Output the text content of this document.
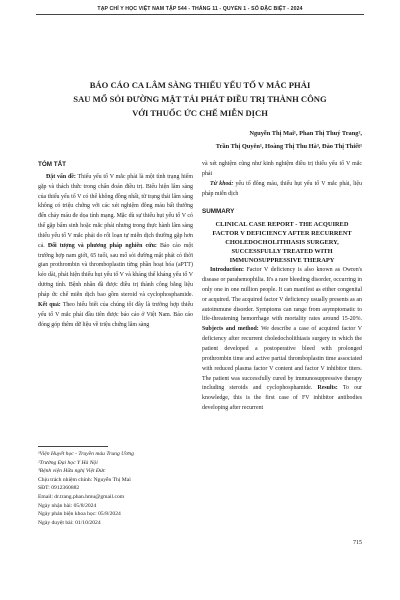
TẠP CHÍ Y HỌC VIỆT NAM TẬP 544 - THÁNG 11 - QUYỂN 1 - SỐ ĐẶC BIỆT - 2024
BÁO CÁO CA LÂM SÀNG THIẾU YẾU TỐ V MẮC PHẢI
SAU MỔ SỎI ĐƯỜNG MẬT TÁI PHÁT ĐIỀU TRỊ THÀNH CÔNG
VỚI THUỐC ỨC CHẾ MIỄN DỊCH
Nguyễn Thị Mai¹, Phan Thị Thuý Trang²,
Trần Thị Quyên¹, Hoàng Thị Thu Hà³, Đào Thị Thiết¹

TÓM TẮT

Đặt vấn đề: Thiếu yếu tố V mắc phải là một tình trạng hiếm gặp và thách thức trong chẩn đoán điều trị. Biểu hiện lâm sàng của thiếu yếu tố V có thể không đồng nhất, từ trạng thái lâm sàng không có triệu chứng với các xét nghiệm đông máu bất thường đến chảy máu đe dọa tính mạng. Mặc dù sự thiếu hụt yếu tố V có thể gặp bẩm sinh hoặc mắc phải nhưng trong thực hành lâm sàng thiếu yếu tố V mắc phải do rối loạn tự miễn dịch thường gặp hơn cả. Đối tượng và phương pháp nghiên cứu: Báo cáo một trường hợp nam giới, 65 tuổi, sau mổ sỏi đường mật phát có thời gian prothrombin và thromboplastin từng phần hoạt hóa (aPTT) kéo dài, phát hiện thiếu hụt yếu tố V và kháng thể kháng yếu tố V dương tính. Bệnh nhân đã được điều trị thành công bằng liệu pháp ức chế miễn dịch bao gồm steroid và cyclophosphamide. Kết quả: Theo hiểu biết của chúng tôi đây là trường hợp thiếu yếu tố V mắc phải đầu tiên được báo cáo ở Việt Nam. Báo cáo đóng góp thêm dữ liệu về triệu chứng lâm sàng

¹Viện Huyết học - Truyền máu Trung Ương
²Trường Đại học Y Hà Nội
³Bệnh viện Hữu nghị Việt Đức
Chịu trách nhiệm chính: Nguyễn Thị Mai
SĐT: 0912360882
Email: dr.trang.phan.hmu@gmail.com
Ngày nhận bài: 05/8/2024
Ngày phản biện khoa học: 05/8/2024
Ngày duyệt bài: 01/10/2024

và xét nghiệm cũng như kinh nghiệm điều trị thiếu yếu tố V mắc phải

Từ khoá: yếu tố đông máu, thiếu hụt yếu tố V mắc phải, liệu pháp miễn dịch

SUMMARY

CLINICAL CASE REPORT - THE ACQUIRED FACTOR V DEFICIENCY AFTER RECURRENT CHOLEDOCHOLITHIASIS SURGERY, SUCCESSFULLY TREATED WITH IMMUNOSUPPRESSIVE THERAPY

Introduction: Factor V deficiency is also known as Owren's disease or parahemophilia. It's a rare bleeding disorder, occurring in only one in one million people. It can manifest as either congenital or acquired. The acquired factor V deficiency usually presents as an autoimmune disorder. Symptoms can range from asymptomatic to life-threatening hemorrhage with mortality rates around 15-20%. Subjects and method: We describe a case of acquired factor V deficiency after recurrent choledocholithiasis surgery in which the patient developed a postoperative bleed with prolonged prothrombin time and active partial thromboplastin time associated with reduced plasma factor V content and factor V inhibitor titers. The patient was successfully cured by immunosuppressive therapy including steroids and cyclophosphamide. Results: To our knowledge, this is the first case of FV inhibitor antibodies developing after recurrent

715
